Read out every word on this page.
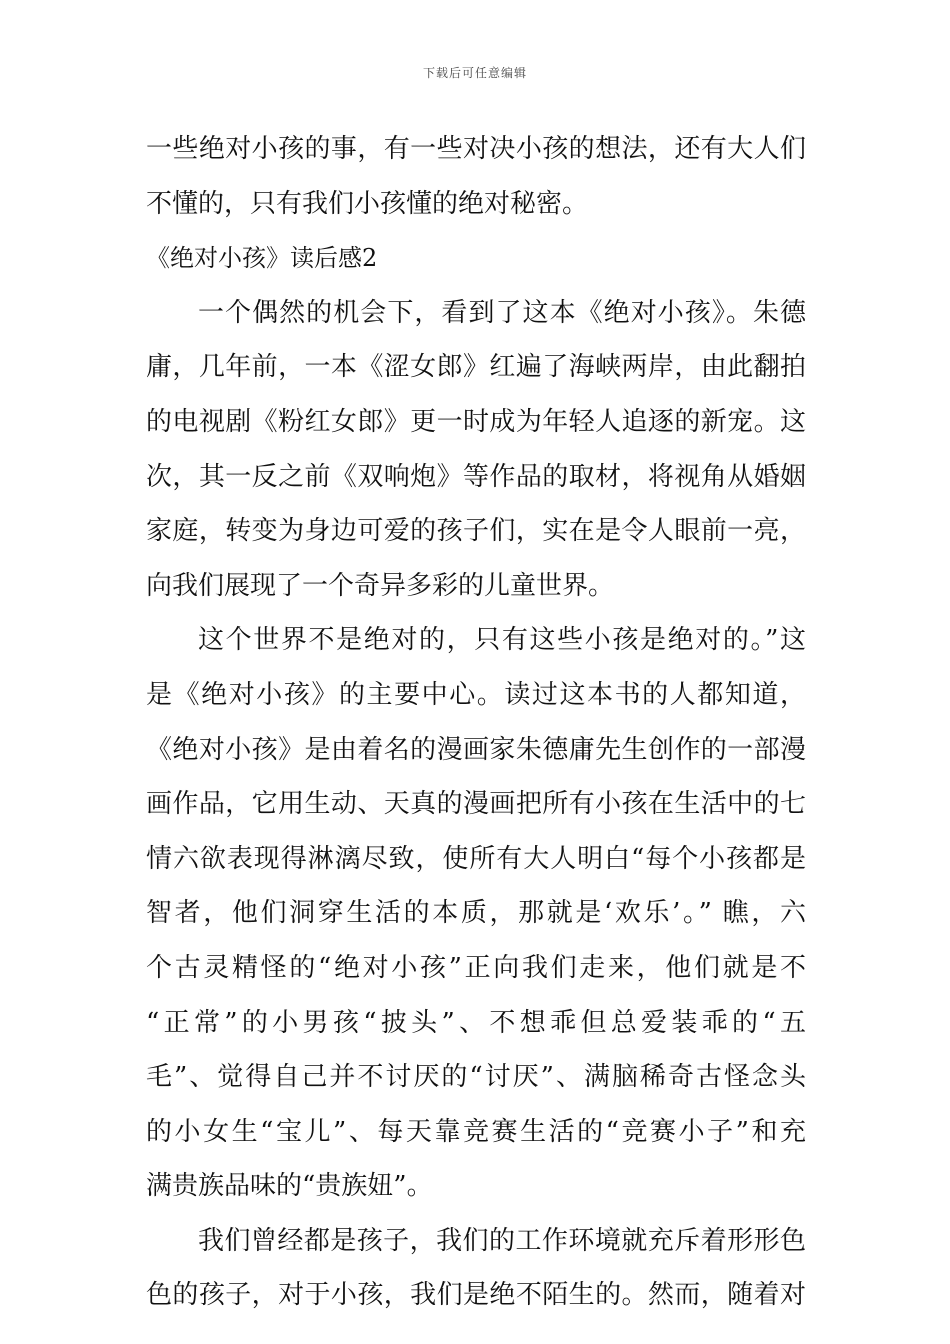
下载后可任意编辑
一些绝对小孩的事，有一些对决小孩的想法，还有大人们
不懂的，只有我们小孩懂的绝对秘密。
《绝对小孩》读后感2
一个偶然的机会下，看到了这本《绝对小孩》。朱德
庸，几年前，一本《涩女郎》红遍了海峡两岸，由此翻拍
的电视剧《粉红女郎》更一时成为年轻人追逐的新宠。这
次，其一反之前《双响炮》等作品的取材，将视角从婚姻
家庭，转变为身边可爱的孩子们，实在是令人眼前一亮，
向我们展现了一个奇异多彩的儿童世界。
这个世界不是绝对的，只有这些小孩是绝对的。”这
是《绝对小孩》的主要中心。读过这本书的人都知道，
《绝对小孩》是由着名的漫画家朱德庸先生创作的一部漫
画作品，它用生动、天真的漫画把所有小孩在生活中的七
情六欲表现得淋漓尽致，使所有大人明白“每个小孩都是
智者，他们洞穿生活的本质，那就是‘欢乐’。” 瞧，六
个古灵精怪的“绝对小孩”正向我们走来，他们就是不
“正常”的小男孩“披头”、不想乖但总爱装乖的“五
毛”、觉得自己并不讨厌的“讨厌”、满脑稀奇古怪念头
的小女生“宝儿”、每天靠竞赛生活的“竞赛小子”和充
满贵族品味的“贵族妞”。
我们曾经都是孩子，我们的工作环境就充斥着形形色
色的孩子，对于小孩，我们是绝不陌生的。然而，随着对
